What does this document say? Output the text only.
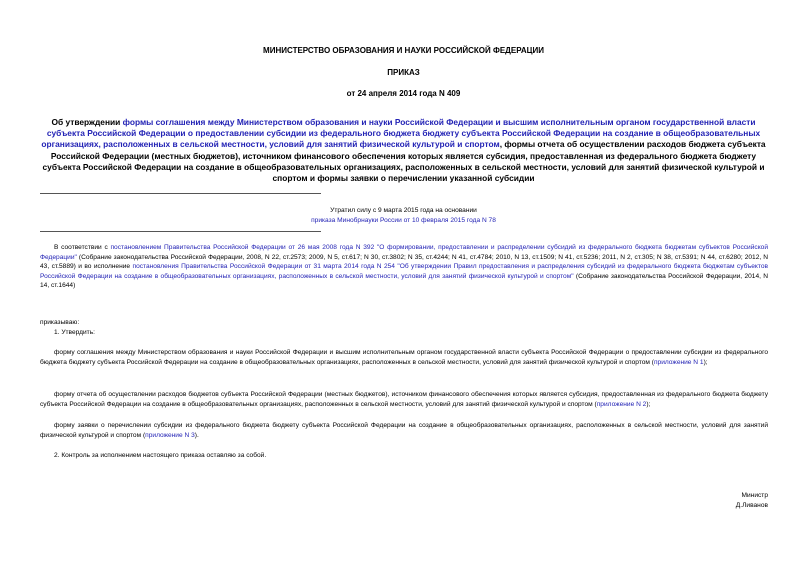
МИНИСТЕРСТВО ОБРАЗОВАНИЯ И НАУКИ РОССИЙСКОЙ ФЕДЕРАЦИИ
ПРИКАЗ
от 24 апреля 2014 года N 409
Об утверждении формы соглашения между Министерством образования и науки Российской Федерации и высшим исполнительным органом государственной власти субъекта Российской Федерации о предоставлении субсидии из федерального бюджета бюджету субъекта Российской Федерации на создание в общеобразовательных организациях, расположенных в сельской местности, условий для занятий физической культурой и спортом, формы отчета об осуществлении расходов бюджета субъекта Российской Федерации (местных бюджетов), источником финансового обеспечения которых является субсидия, предоставленная из федерального бюджета бюджету субъекта Российской Федерации на создание в общеобразовательных организациях, расположенных в сельской местности, условий для занятий физической культурой и спортом и формы заявки о перечислении указанной субсидии
Утратил силу с 9 марта 2015 года на основании
приказа Минобрнауки России от 10 февраля 2015 года N 78
В соответствии с постановлением Правительства Российской Федерации от 26 мая 2008 года N 392 "О формировании, предоставлении и распределении субсидий из федерального бюджета бюджетам субъектов Российской Федерации" (Собрание законодательства Российской Федерации, 2008, N 22, ст.2573; 2009, N 5, ст.617; N 30, ст.3802; N 35, ст.4244; N 41, ст.4784; 2010, N 13, ст.1509; N 41, ст.5236; 2011, N 2, ст.305; N 38, ст.5391; N 44, ст.6280; 2012, N 43, ст.5889) и во исполнение постановления Правительства Российской Федерации от 31 марта 2014 года N 254 "Об утверждении Правил предоставления и распределения субсидий из федерального бюджета бюджетам субъектов Российской Федерации на создание в общеобразовательных организациях, расположенных в сельской местности, условий для занятий физической культурой и спортом" (Собрание законодательства Российской Федерации, 2014, N 14, ст.1644)
приказываю:
1. Утвердить:
форму соглашения между Министерством образования и науки Российской Федерации и высшим исполнительным органом государственной власти субъекта Российской Федерации о предоставлении субсидии из федерального бюджета бюджету субъекта Российской Федерации на создание в общеобразовательных организациях, расположенных в сельской местности, условий для занятий физической культурой и спортом (приложение N 1);
форму отчета об осуществлении расходов бюджетов субъекта Российской Федерации (местных бюджетов), источником финансового обеспечения которых является субсидия, предоставленная из федерального бюджета бюджету субъекта Российской Федерации на создание в общеобразовательных организациях, расположенных в сельской местности, условий для занятий физической культурой и спортом (приложение N 2);
форму заявки о перечислении субсидии из федерального бюджета бюджету субъекта Российской Федерации на создание в общеобразовательных организациях, расположенных в сельской местности, условий для занятий физической культурой и спортом (приложение N 3).
2. Контроль за исполнением настоящего приказа оставляю за собой.
Министр
Д.Ливанов
